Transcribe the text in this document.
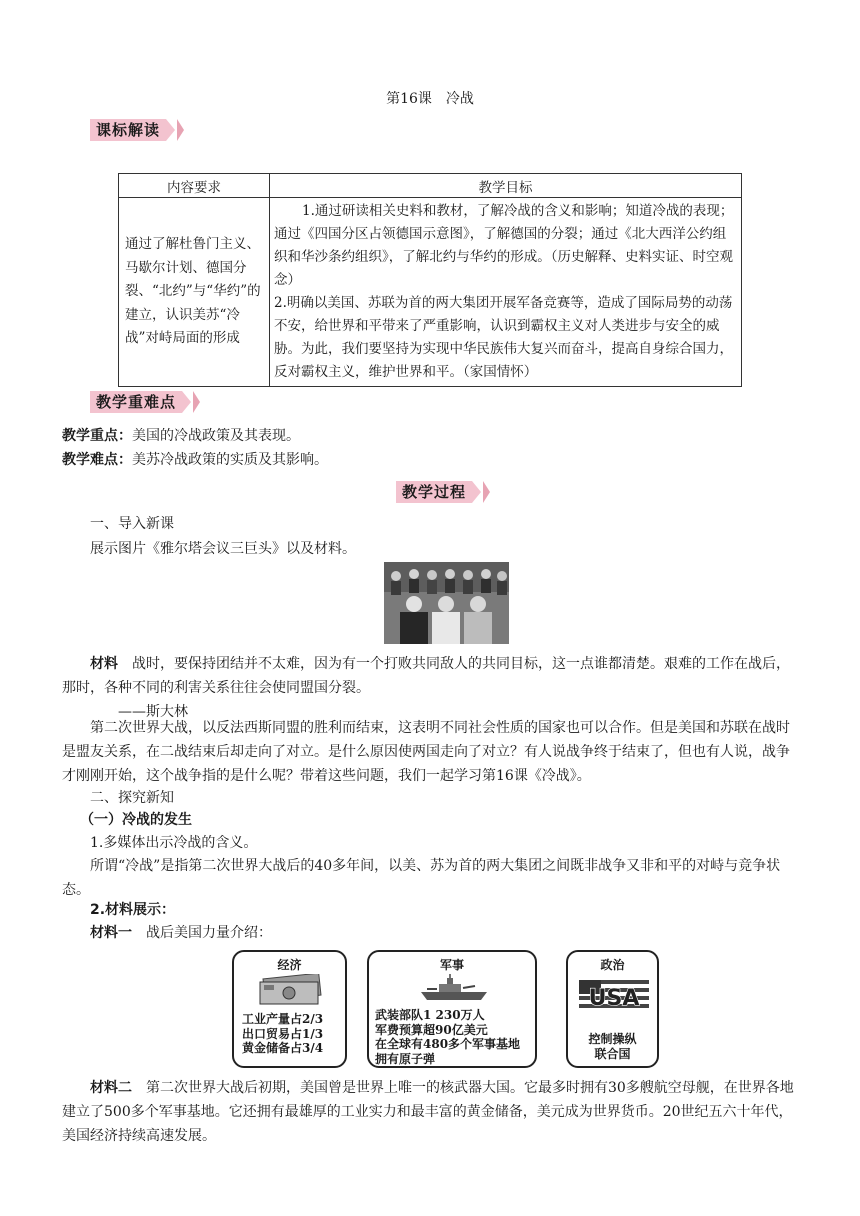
第16课　冷战
课标解读
内容要求	教学目标
通过了解杜鲁门主义、马歇尔计划、德国分裂、“北约”与“华约”的建立，认识美苏“冷战”对峙局面的形成	1.通过研读相关史料和教材，了解冷战的含义和影响；知道冷战的表现；通过《四国分区占领德国示意图》，了解德国的分裂；通过《北大西洋公约组织和华沙条约组织》，了解北约与华约的形成。（历史解释、史料实证、时空观念）
2.明确以美国、苏联为首的两大集团开展军备竞赛等，造成了国际局势的动荡不安，给世界和平带来了严重影响，认识到霸权主义对人类进步与安全的威胁。为此，我们要坚持为实现中华民族伟大复兴而奋斗，提高自身综合国力，反对霸权主义，维护世界和平。（家国情怀）
教学重难点
教学重点：美国的冷战政策及其表现。
教学难点：美苏冷战政策的实质及其影响。
教学过程
一、导入新课
展示图片《雅尔塔会议三巨头》以及材料。
材料　 战时，要保持团结并不太难，因为有一个打败共同敌人的共同目标，这一点谁都清楚。艰难的工作在战后，那时，各种不同的利害关系往往会使同盟国分裂。
——斯大林
第二次世界大战，以反法西斯同盟的胜利而结束，这表明不同社会性质的国家也可以合作。但是美国和苏联在战时是盟友关系，在二战结束后却走向了对立。是什么原因使两国走向了对立？有人说战争终于结束了，但也有人说，战争才刚刚开始，这个战争指的是什么呢？带着这些问题，我们一起学习第16课《冷战》。
二、探究新知
（一）冷战的发生
1.多媒体出示冷战的含义。
所谓“冷战”是指第二次世界大战后的40多年间，以美、苏为首的两大集团之间既非战争又非和平的对峙与竞争状态。
2.材料展示：
材料一　 战后美国力量介绍：
经济
工业产量占2/3
出口贸易占1/3
黄金储备占3/4
军事
武装部队1 230万人
军费预算超90亿美元
在全球有480多个军事基地
拥有原子弹
政治
USA
控制操纵
联合国
材料二　 第二次世界大战后初期，美国曾是世界上唯一的核武器大国。它最多时拥有30多艘航空母舰，在世界各地建立了500多个军事基地。它还拥有最雄厚的工业实力和最丰富的黄金储备，美元成为世界货币。20世纪五六十年代，美国经济持续高速发展。
